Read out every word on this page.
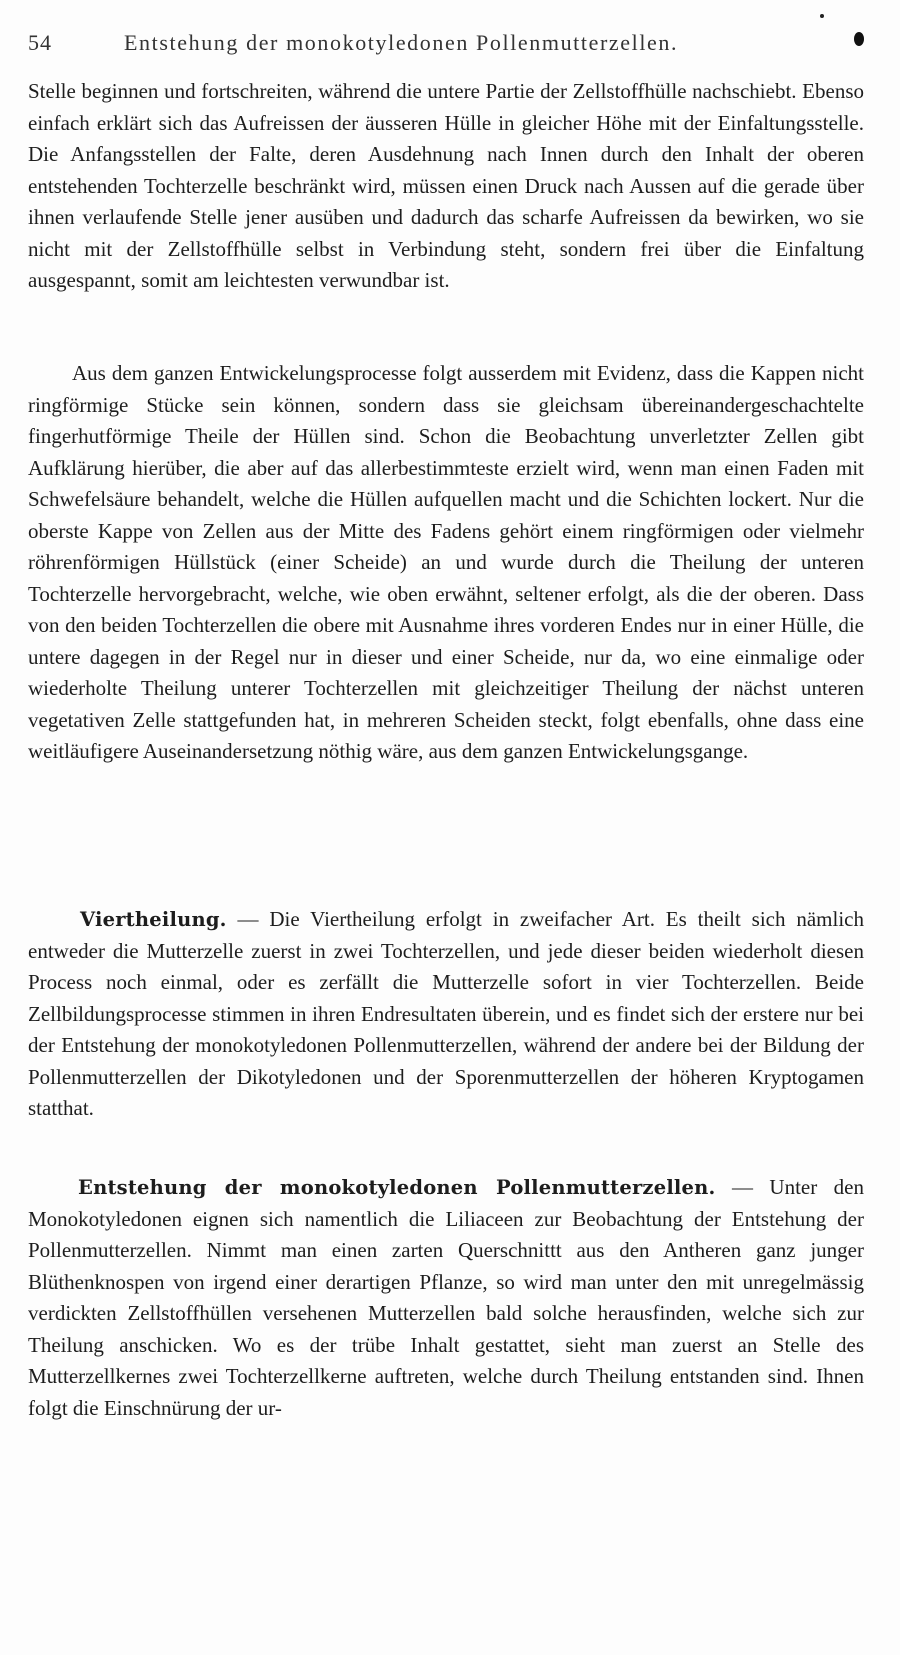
54	Entstehung der monokotyledonen Pollenmutterzellen.
Stelle beginnen und fortschreiten, während die untere Partie der Zellstoffhülle nachschiebt. Ebenso einfach erklärt sich das Aufreissen der äusseren Hülle in gleicher Höhe mit der Einfaltungsstelle. Die Anfangsstellen der Falte, deren Ausdehnung nach Innen durch den Inhalt der oberen entstehenden Tochterzelle beschränkt wird, müssen einen Druck nach Aussen auf die gerade über ihnen verlaufende Stelle jener ausüben und dadurch das scharfe Aufreissen da bewirken, wo sie nicht mit der Zellstoffhülle selbst in Verbindung steht, sondern frei über die Einfaltung ausgespannt, somit am leichtesten verwundbar ist.
Aus dem ganzen Entwickelungsprocesse folgt ausserdem mit Evidenz, dass die Kappen nicht ringförmige Stücke sein können, sondern dass sie gleichsam übereinandergeschachtelte fingerhutförmige Theile der Hüllen sind. Schon die Beobachtung unverletzter Zellen gibt Aufklärung hierüber, die aber auf das allerbestimmteste erzielt wird, wenn man einen Faden mit Schwefelsäure behandelt, welche die Hüllen aufquellen macht und die Schichten lockert. Nur die oberste Kappe von Zellen aus der Mitte des Fadens gehört einem ringförmigen oder vielmehr röhrenförmigen Hüllstück (einer Scheide) an und wurde durch die Theilung der unteren Tochterzelle hervorgebracht, welche, wie oben erwähnt, seltener erfolgt, als die der oberen. Dass von den beiden Tochterzellen die obere mit Ausnahme ihres vorderen Endes nur in einer Hülle, die untere dagegen in der Regel nur in dieser und einer Scheide, nur da, wo eine einmalige oder wiederholte Theilung unterer Tochterzellen mit gleichzeitiger Theilung der nächst unteren vegetativen Zelle stattgefunden hat, in mehreren Scheiden steckt, folgt ebenfalls, ohne dass eine weitläufigere Auseinandersetzung nöthig wäre, aus dem ganzen Entwickelungsgange.
Viertheilung. — Die Viertheilung erfolgt in zweifacher Art. Es theilt sich nämlich entweder die Mutterzelle zuerst in zwei Tochterzellen, und jede dieser beiden wiederholt diesen Process noch einmal, oder es zerfällt die Mutterzelle sofort in vier Tochterzellen. Beide Zellbildungsprocesse stimmen in ihren Endresultaten überein, und es findet sich der erstere nur bei der Entstehung der monokotyledonen Pollenmutterzellen, während der andere bei der Bildung der Pollenmutterzellen der Dikotyledonen und der Sporenmutterzellen der höheren Kryptogamen statthat.
Entstehung der monokotyledonen Pollenmutterzellen. — Unter den Monokotyledonen eignen sich namentlich die Liliaceen zur Beobachtung der Entstehung der Pollenmutterzellen. Nimmt man einen zarten Querschnittt aus den Antheren ganz junger Blüthenknospen von irgend einer derartigen Pflanze, so wird man unter den mit unregelmässig verdickten Zellstoffhüllen versehenen Mutterzellen bald solche herausfinden, welche sich zur Theilung anschicken. Wo es der trübe Inhalt gestattet, sieht man zuerst an Stelle des Mutterzellkernes zwei Tochterzellkerne auftreten, welche durch Theilung entstanden sind. Ihnen folgt die Einschnürung der ur-
